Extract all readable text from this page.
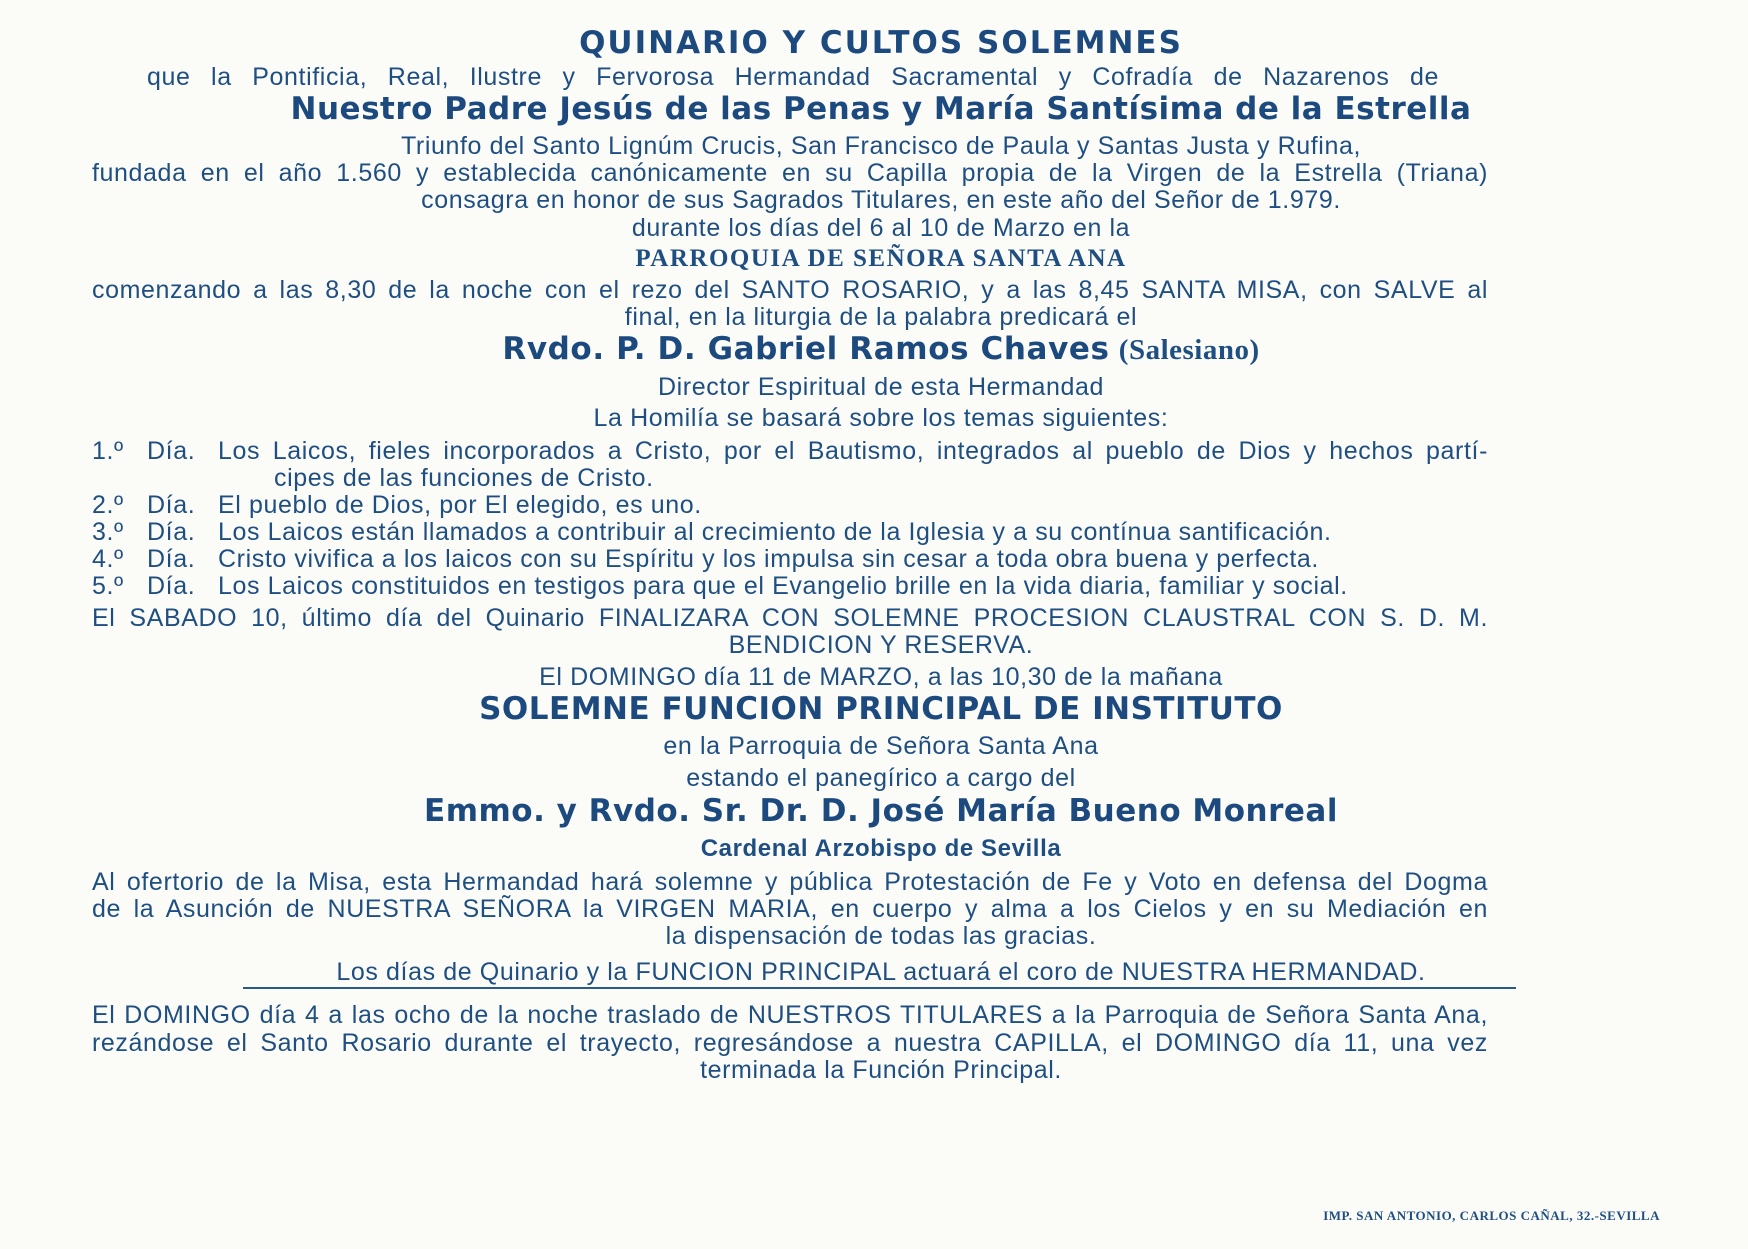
QUINARIO Y CULTOS SOLEMNES
que la Pontificia, Real, Ilustre y Fervorosa Hermandad Sacramental y Cofradía de Nazarenos de
Nuestro Padre Jesús de las Penas y María Santísima de la Estrella
Triunfo del Santo Lignúm Crucis, San Francisco de Paula y Santas Justa y Rufina,
fundada en el año 1.560 y establecida canónicamente en su Capilla propia de la Virgen de la Estrella (Triana)
consagra en honor de sus Sagrados Titulares, en este año del Señor de 1.979.
durante los días del 6 al 10 de Marzo en la
PARROQUIA DE SEÑORA SANTA ANA
comenzando a las 8,30 de la noche con el rezo del SANTO ROSARIO, y a las 8,45 SANTA MISA, con SALVE al
final, en la liturgia de la palabra predicará el
Rvdo. P. D. Gabriel Ramos Chaves (Salesiano)
Director Espiritual de esta Hermandad
La Homilía se basará sobre los temas siguientes:
1.º Día. Los Laicos, fieles incorporados a Cristo, por el Bautismo, integrados al pueblo de Dios y hechos partí-
cipes de las funciones de Cristo.
2.º Día. El pueblo de Dios, por El elegido, es uno.
3.º Día. Los Laicos están llamados a contribuir al crecimiento de la Iglesia y a su contínua santificación.
4.º Día. Cristo vivifica a los laicos con su Espíritu y los impulsa sin cesar a toda obra buena y perfecta.
5.º Día. Los Laicos constituidos en testigos para que el Evangelio brille en la vida diaria, familiar y social.
El SABADO 10, último día del Quinario FINALIZARA CON SOLEMNE PROCESION CLAUSTRAL CON S. D. M.
BENDICION Y RESERVA.
El DOMINGO día 11 de MARZO, a las 10,30 de la mañana
SOLEMNE FUNCION PRINCIPAL DE INSTITUTO
en la Parroquia de Señora Santa Ana
estando el panegírico a cargo del
Emmo. y Rvdo. Sr. Dr. D. José María Bueno Monreal
Cardenal Arzobispo de Sevilla
Al ofertorio de la Misa, esta Hermandad hará solemne y pública Protestación de Fe y Voto en defensa del Dogma
de la Asunción de NUESTRA SEÑORA la VIRGEN MARIA, en cuerpo y alma a los Cielos y en su Mediación en
la dispensación de todas las gracias.
Los días de Quinario y la FUNCION PRINCIPAL actuará el coro de NUESTRA HERMANDAD.
El DOMINGO día 4 a las ocho de la noche traslado de NUESTROS TITULARES a la Parroquia de Señora Santa Ana,
rezándose el Santo Rosario durante el trayecto, regresándose a nuestra CAPILLA, el DOMINGO día 11, una vez
terminada la Función Principal.
IMP. SAN ANTONIO, CARLOS CAÑAL, 32.-SEVILLA
